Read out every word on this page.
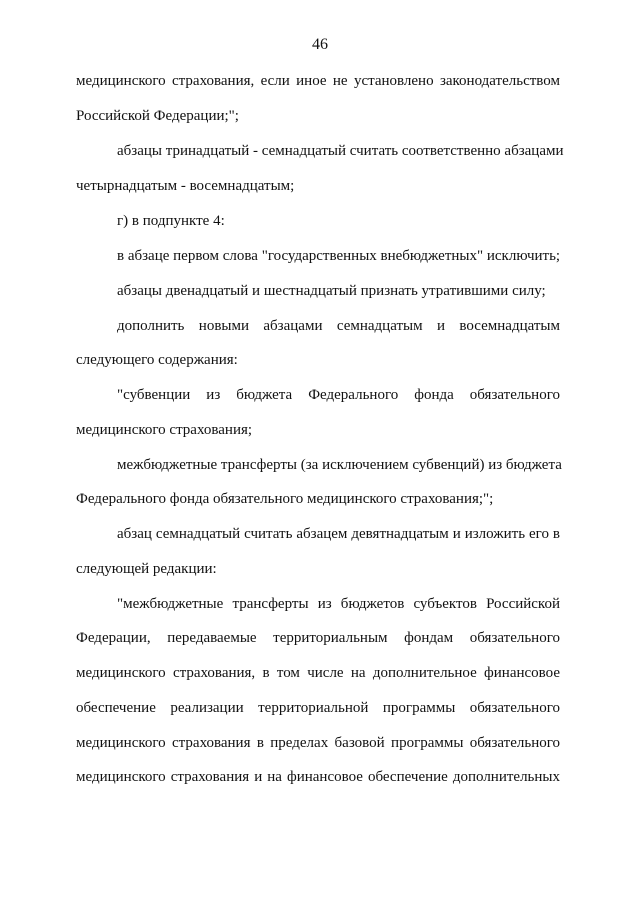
46
медицинского страхования, если иное не установлено законодательством
Российской Федерации;";
абзацы тринадцатый - семнадцатый считать соответственно абзацами
четырнадцатым - восемнадцатым;
г) в подпункте 4:
в абзаце первом слова "государственных внебюджетных" исключить;
абзацы двенадцатый и шестнадцатый признать утратившими силу;
дополнить новыми абзацами семнадцатым и восемнадцатым
следующего содержания:
"субвенции из бюджета Федерального фонда обязательного
медицинского страхования;
межбюджетные трансферты (за исключением субвенций) из бюджета
Федерального фонда обязательного медицинского страхования;";
абзац семнадцатый считать абзацем девятнадцатым и изложить его в
следующей редакции:
"межбюджетные трансферты из бюджетов субъектов Российской
Федерации, передаваемые территориальным фондам обязательного
медицинского страхования, в том числе на дополнительное финансовое
обеспечение реализации территориальной программы обязательного
медицинского страхования в пределах базовой программы обязательного
медицинского страхования и на финансовое обеспечение дополнительных
